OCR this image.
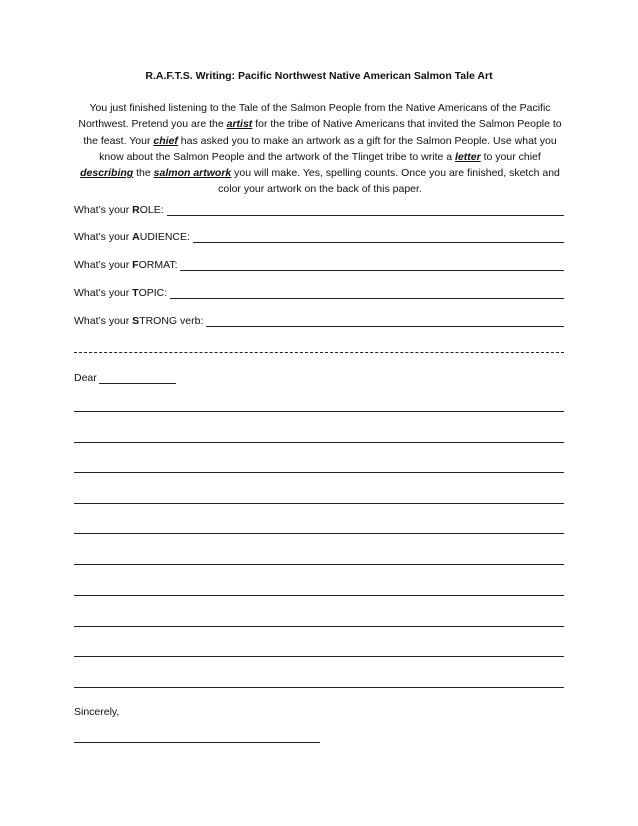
R.A.F.T.S. Writing: Pacific Northwest Native American Salmon Tale Art
You just finished listening to the Tale of the Salmon People from the Native Americans of the Pacific Northwest. Pretend you are the artist for the tribe of Native Americans that invited the Salmon People to the feast. Your chief has asked you to make an artwork as a gift for the Salmon People. Use what you know about the Salmon People and the artwork of the Tlinget tribe to write a letter to your chief describing the salmon artwork you will make. Yes, spelling counts. Once you are finished, sketch and color your artwork on the back of this paper.
What’s your ROLE:
What’s your AUDIENCE:
What’s your FORMAT:
What’s your TOPIC:
What’s your STRONG verb:
Dear
Sincerely,
